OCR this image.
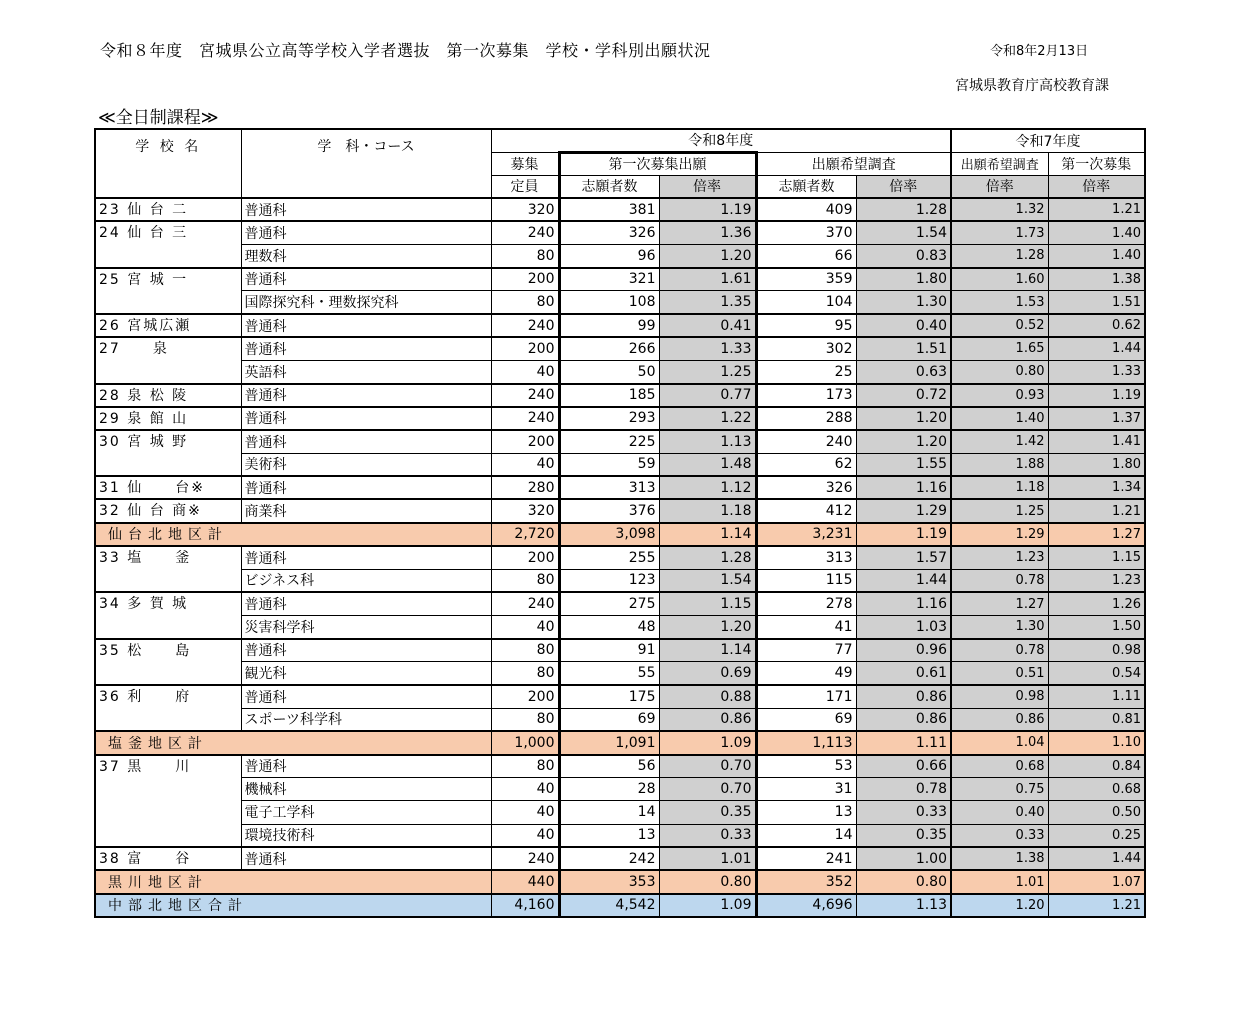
令和８年度　宮城県公立高等学校入学者選抜　第一次募集　学校・学科別出願状況	令和8年2月13日
宮城県教育庁高校教育課
≪全日制課程≫
学 校 名	学　科・コース	令和8年度					令和7年度	
		募集	第一次募集出願		出願希望調査		出願希望調査	第一次募集
		定員	志願者数	倍率	志願者数	倍率	倍率	倍率
23 仙 台 二	普通科	320	381	1.19	409	1.28	1.32	1.21
24 仙 台 三	普通科	240	326	1.36	370	1.54	1.73	1.40
	理数科	80	96	1.20	66	0.83	1.28	1.40
25 宮 城 一	普通科	200	321	1.61	359	1.80	1.60	1.38
	国際探究科・理数探究科	80	108	1.35	104	1.30	1.53	1.51
26 宮城広瀬	普通科	240	99	0.41	95	0.40	0.52	0.62
27　　泉	普通科	200	266	1.33	302	1.51	1.65	1.44
	英語科	40	50	1.25	25	0.63	0.80	1.33
28 泉 松 陵	普通科	240	185	0.77	173	0.72	0.93	1.19
29 泉 館 山	普通科	240	293	1.22	288	1.20	1.40	1.37
30 宮 城 野	普通科	200	225	1.13	240	1.20	1.42	1.41
	美術科	40	59	1.48	62	1.55	1.88	1.80
31 仙　　台※	普通科	280	313	1.12	326	1.16	1.18	1.34
32 仙 台 商※	商業科	320	376	1.18	412	1.29	1.25	1.21
仙台北地区計		2,720	3,098	1.14	3,231	1.19	1.29	1.27
33 塩　　釜	普通科	200	255	1.28	313	1.57	1.23	1.15
	ビジネス科	80	123	1.54	115	1.44	0.78	1.23
34 多 賀 城	普通科	240	275	1.15	278	1.16	1.27	1.26
	災害科学科	40	48	1.20	41	1.03	1.30	1.50
35 松　　島	普通科	80	91	1.14	77	0.96	0.78	0.98
	観光科	80	55	0.69	49	0.61	0.51	0.54
36 利　　府	普通科	200	175	0.88	171	0.86	0.98	1.11
	スポーツ科学科	80	69	0.86	69	0.86	0.86	0.81
塩釜地区計		1,000	1,091	1.09	1,113	1.11	1.04	1.10
37 黒　　川	普通科	80	56	0.70	53	0.66	0.68	0.84
	機械科	40	28	0.70	31	0.78	0.75	0.68
	電子工学科	40	14	0.35	13	0.33	0.40	0.50
	環境技術科	40	13	0.33	14	0.35	0.33	0.25
38 富　　谷	普通科	240	242	1.01	241	1.00	1.38	1.44
黒川地区計		440	353	0.80	352	0.80	1.01	1.07
中部北地区合計		4,160	4,542	1.09	4,696	1.13	1.20	1.21
